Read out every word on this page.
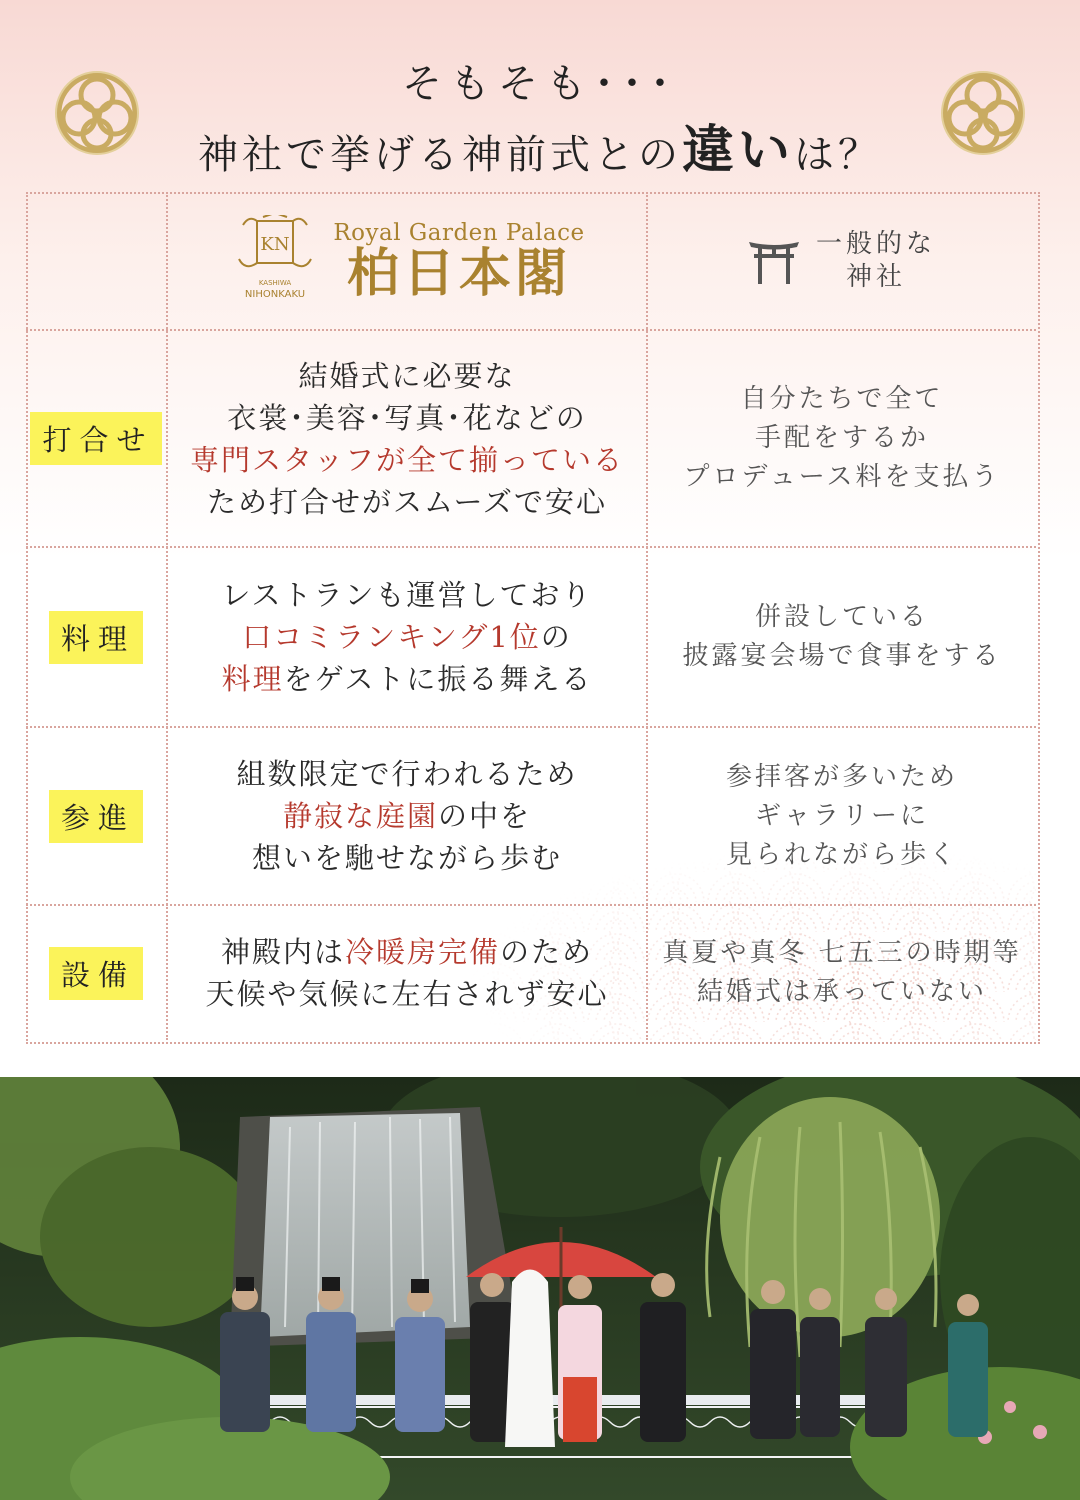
そもそも･･･
神社で挙げる神前式との違いは？
KN
KASHIWA
NIHONKAKU
Royal Garden Palace
柏日本閣	一般的な
神社
打合せ
結婚式に必要な
衣裳･美容･写真･花などの
専門スタッフが全て揃っている
ため打合せがスムーズで安心
自分たちで全て
手配をするか
プロデュース料を支払う
料理
レストランも運営しており
口コミランキング1位の
料理をゲストに振る舞える
併設している
披露宴会場で食事をする
参進
組数限定で行われるため
静寂な庭園の中を
想いを馳せながら歩む
参拝客が多いため
ギャラリーに
見られながら歩く
設備
神殿内は冷暖房完備のため
天候や気候に左右されず安心
真夏や真冬 七五三の時期等
結婚式は承っていない
